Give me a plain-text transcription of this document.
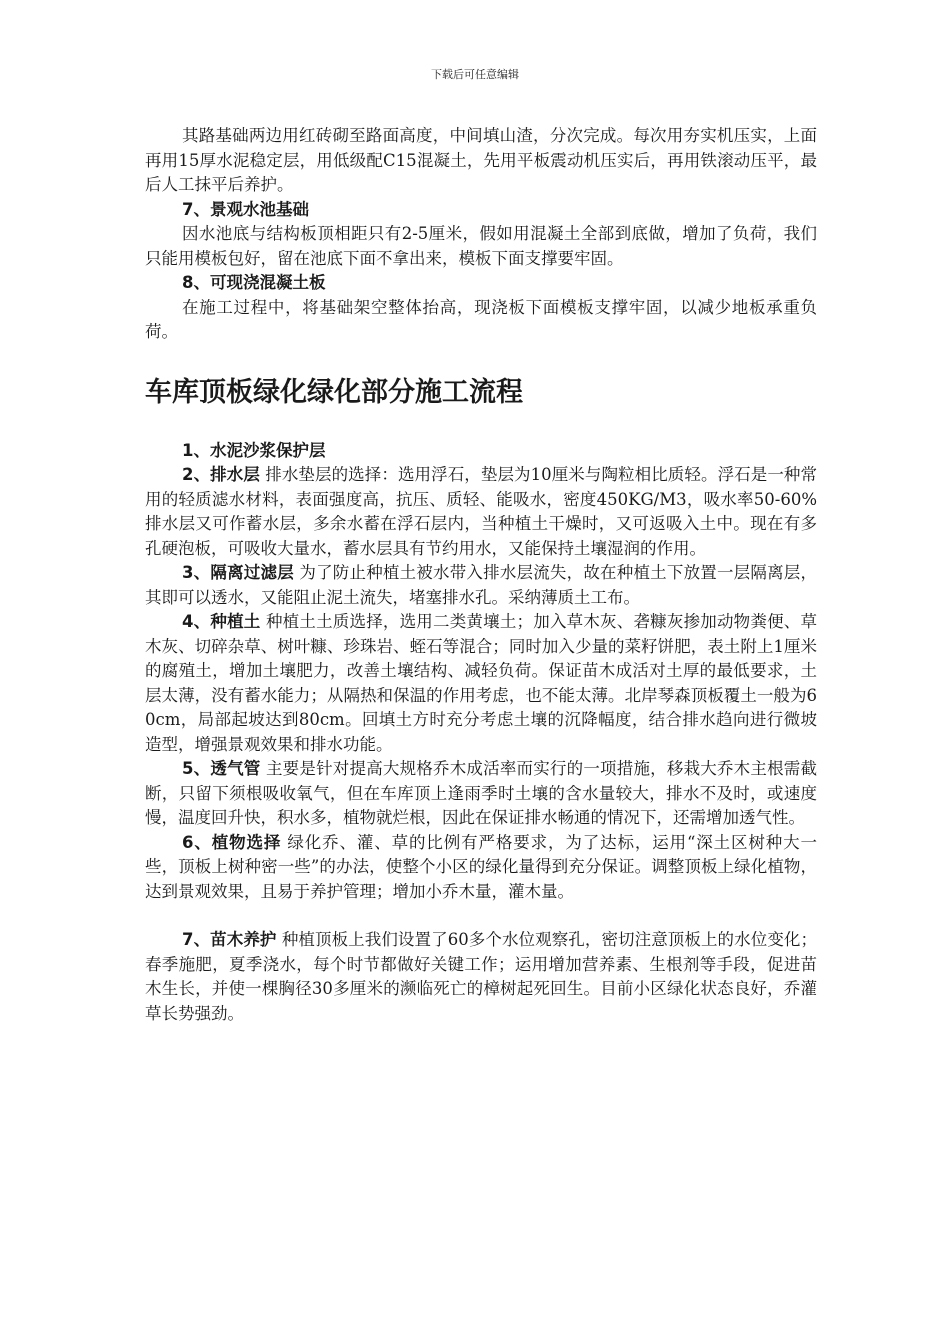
下载后可任意编辑

其路基础两边用红砖砌至路面高度，中间填山渣，分次完成。每次用夯实机压实，上面再用15厚水泥稳定层，用低级配C15混凝土，先用平板震动机压实后，再用铁滚动压平，最后人工抹平后养护。

7、景观水池基础

因水池底与结构板顶相距只有2-5厘米，假如用混凝土全部到底做，增加了负荷，我们只能用模板包好，留在池底下面不拿出来，模板下面支撑要牢固。

8、可现浇混凝土板

在施工过程中，将基础架空整体抬高，现浇板下面模板支撑牢固，以减少地板承重负荷。

车库顶板绿化绿化部分施工流程

1、水泥沙浆保护层

2、排水层 排水垫层的选择：选用浮石，垫层为10厘米与陶粒相比质轻。浮石是一种常用的轻质滤水材料，表面强度高，抗压、质轻、能吸水，密度450KG/M3，吸水率50-60%排水层又可作蓄水层，多余水蓄在浮石层内，当种植土干燥时，又可返吸入土中。现在有多孔硬泡板，可吸收大量水，蓄水层具有节约用水，又能保持土壤湿润的作用。

3、隔离过滤层 为了防止种植土被水带入排水层流失，故在种植土下放置一层隔离层，其即可以透水，又能阻止泥土流失，堵塞排水孔。采纳薄质土工布。

4、种植土 种植土土质选择，选用二类黄壤土；加入草木灰、砻糠灰掺加动物粪便、草木灰、切碎杂草、树叶糠、珍珠岩、蛭石等混合；同时加入少量的菜籽饼肥，表土附上1厘米的腐殖土，增加土壤肥力，改善土壤结构、减轻负荷。保证苗木成活对土厚的最低要求，土层太薄，没有蓄水能力；从隔热和保温的作用考虑，也不能太薄。北岸琴森顶板覆土一般为60cm，局部起坡达到80cm。回填土方时充分考虑土壤的沉降幅度，结合排水趋向进行微坡造型，增强景观效果和排水功能。

5、透气管 主要是针对提高大规格乔木成活率而实行的一项措施，移栽大乔木主根需截断，只留下须根吸收氧气，但在车库顶上逢雨季时土壤的含水量较大，排水不及时，或速度慢，温度回升快，积水多，植物就烂根，因此在保证排水畅通的情况下，还需增加透气性。

6、植物选择 绿化乔、灌、草的比例有严格要求，为了达标，运用“深土区树种大一些，顶板上树种密一些”的办法，使整个小区的绿化量得到充分保证。调整顶板上绿化植物，达到景观效果，且易于养护管理；增加小乔木量，灌木量。

7、苗木养护 种植顶板上我们设置了60多个水位观察孔，密切注意顶板上的水位变化；春季施肥，夏季浇水，每个时节都做好关键工作；运用增加营养素、生根剂等手段，促进苗木生长，并使一棵胸径30多厘米的濒临死亡的樟树起死回生。目前小区绿化状态良好，乔灌草长势强劲。
